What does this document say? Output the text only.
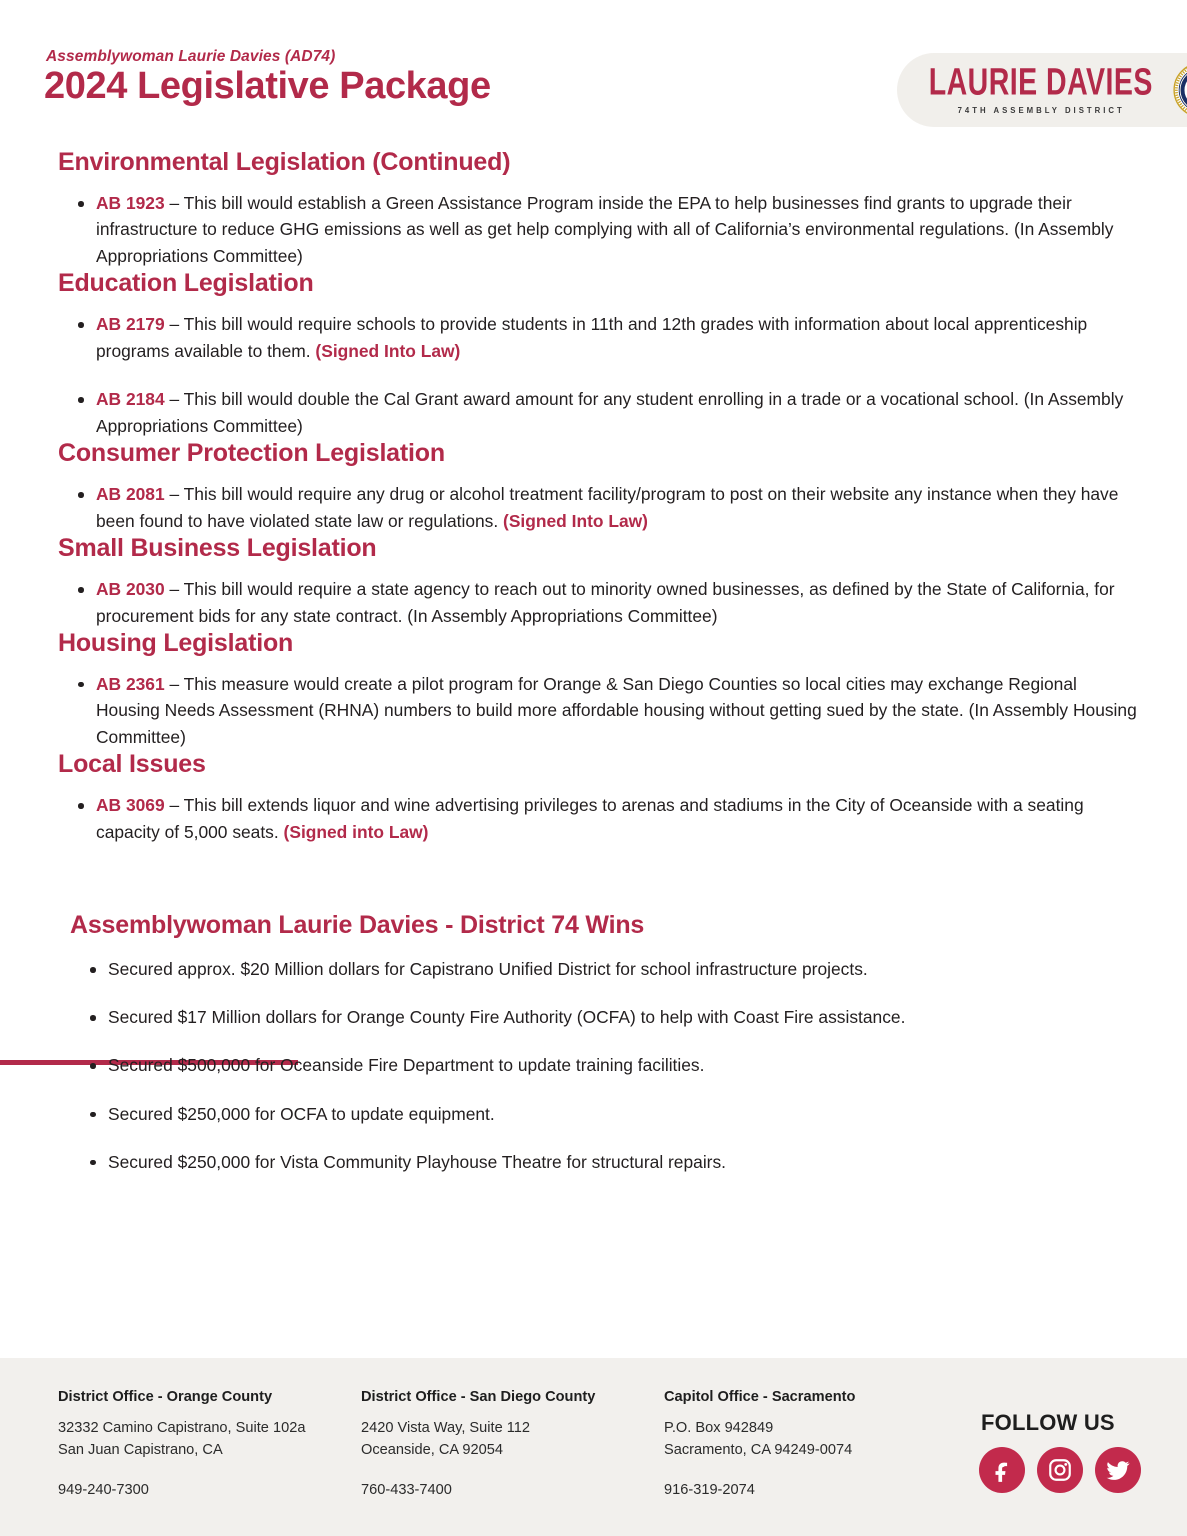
Assemblywoman Laurie Davies (AD74)
2024 Legislative Package	LAURIE DAVIES
74TH ASSEMBLY DISTRICT
Environmental Legislation (Continued)
AB 1923 – This bill would establish a Green Assistance Program inside the EPA to help businesses find grants to upgrade their infrastructure to reduce GHG emissions as well as get help complying with all of California’s environmental regulations. (In Assembly Appropriations Committee)
Education Legislation
AB 2179 – This bill would require schools to provide students in 11th and 12th grades with information about local apprenticeship programs available to them. (Signed Into Law)
AB 2184 – This bill would double the Cal Grant award amount for any student enrolling in a trade or a vocational school. (In Assembly Appropriations Committee)
Consumer Protection Legislation
AB 2081 – This bill would require any drug or alcohol treatment facility/program to post on their website any instance when they have been found to have violated state law or regulations. (Signed Into Law)
Small Business Legislation
AB 2030 – This bill would require a state agency to reach out to minority owned businesses, as defined by the State of California, for procurement bids for any state contract. (In Assembly Appropriations Committee)
Housing Legislation
AB 2361 – This measure would create a pilot program for Orange & San Diego Counties so local cities may exchange Regional Housing Needs Assessment (RHNA) numbers to build more affordable housing without getting sued by the state. (In Assembly Housing Committee)
Local Issues
AB 3069 – This bill extends liquor and wine advertising privileges to arenas and stadiums in the City of Oceanside with a seating capacity of 5,000 seats. (Signed into Law)
Assemblywoman Laurie Davies - District 74 Wins
Secured approx. $20 Million dollars for Capistrano Unified District for school infrastructure projects.
Secured $17 Million dollars for Orange County Fire Authority (OCFA) to help with Coast Fire assistance.
Secured $500,000 for Oceanside Fire Department to update training facilities.
Secured $250,000 for OCFA to update equipment.
Secured $250,000 for Vista Community Playhouse Theatre for structural repairs.
District Office - Orange County
32332 Camino Capistrano, Suite 102a
San Juan Capistrano, CA
949-240-7300
District Office - San Diego County
2420 Vista Way, Suite 112
Oceanside, CA 92054
760-433-7400
Capitol Office - Sacramento
P.O. Box 942849
Sacramento, CA 94249-0074
916-319-2074
FOLLOW US
